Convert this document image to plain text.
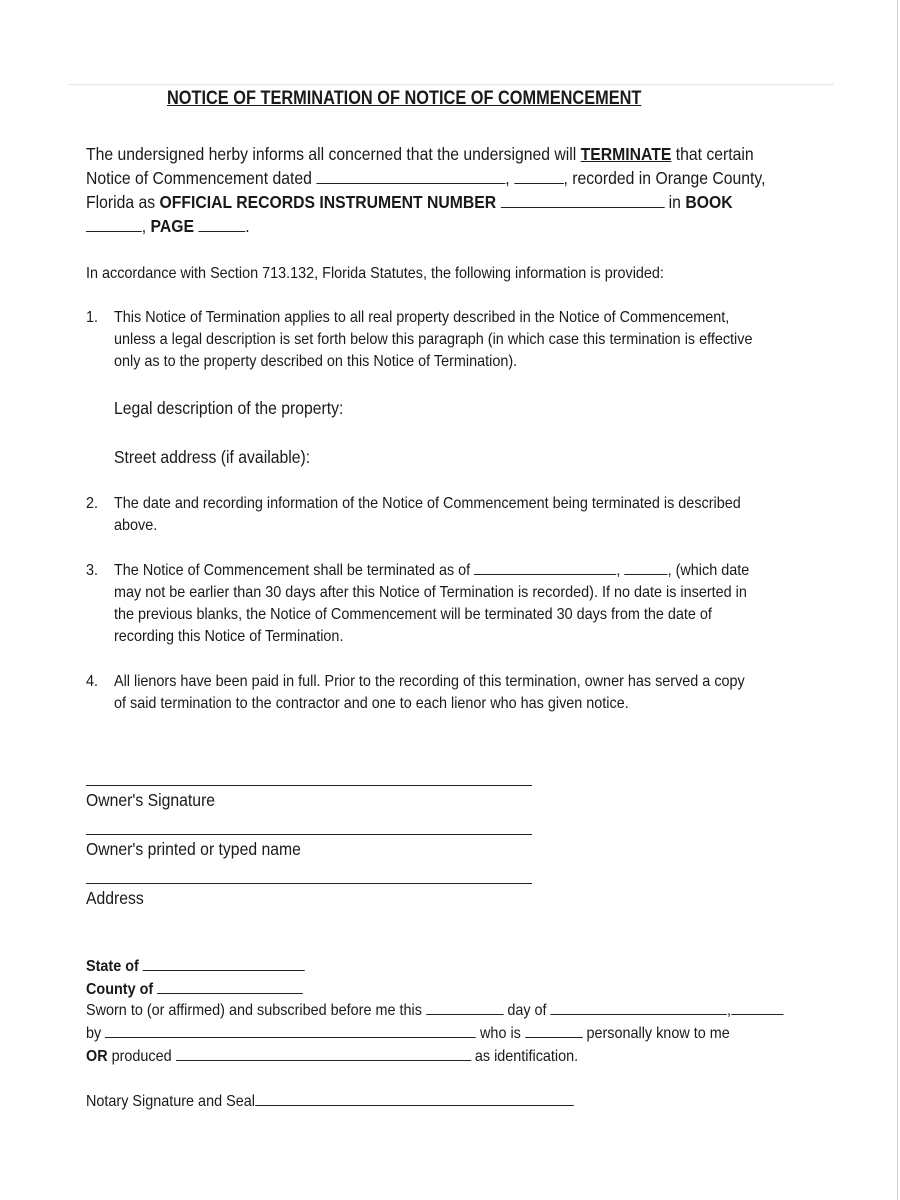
NOTICE OF TERMINATION OF NOTICE OF COMMENCEMENT
The undersigned herby informs all concerned that the undersigned will TERMINATE that certain
Notice of Commencement dated	,	, recorded in Orange County,
Florida as OFFICIAL RECORDS INSTRUMENT NUMBER	in BOOK
, PAGE	.
In accordance with Section 713.132, Florida Statutes, the following information is provided:
1. This Notice of Termination applies to all real property described in the Notice of Commencement,
unless a legal description is set forth below this paragraph (in which case this termination is effective
only as to the property described on this Notice of Termination).
Legal description of the property:
Street address (if available):
2. The date and recording information of the Notice of Commencement being terminated is described
above.
3. The Notice of Commencement shall be terminated as of	,	, (which date
may not be earlier than 30 days after this Notice of Termination is recorded). If no date is inserted in
the previous blanks, the Notice of Commencement will be terminated 30 days from the date of
recording this Notice of Termination.
4. All lienors have been paid in full. Prior to the recording of this termination, owner has served a copy
of said termination to the contractor and one to each lienor who has given notice.
Owner's Signature
Owner's printed or typed name
Address
State of
County of
Sworn to (or affirmed) and subscribed before me this	day of	,
by	who is	personally know to me
OR produced	as identification.
Notary Signature and Seal
